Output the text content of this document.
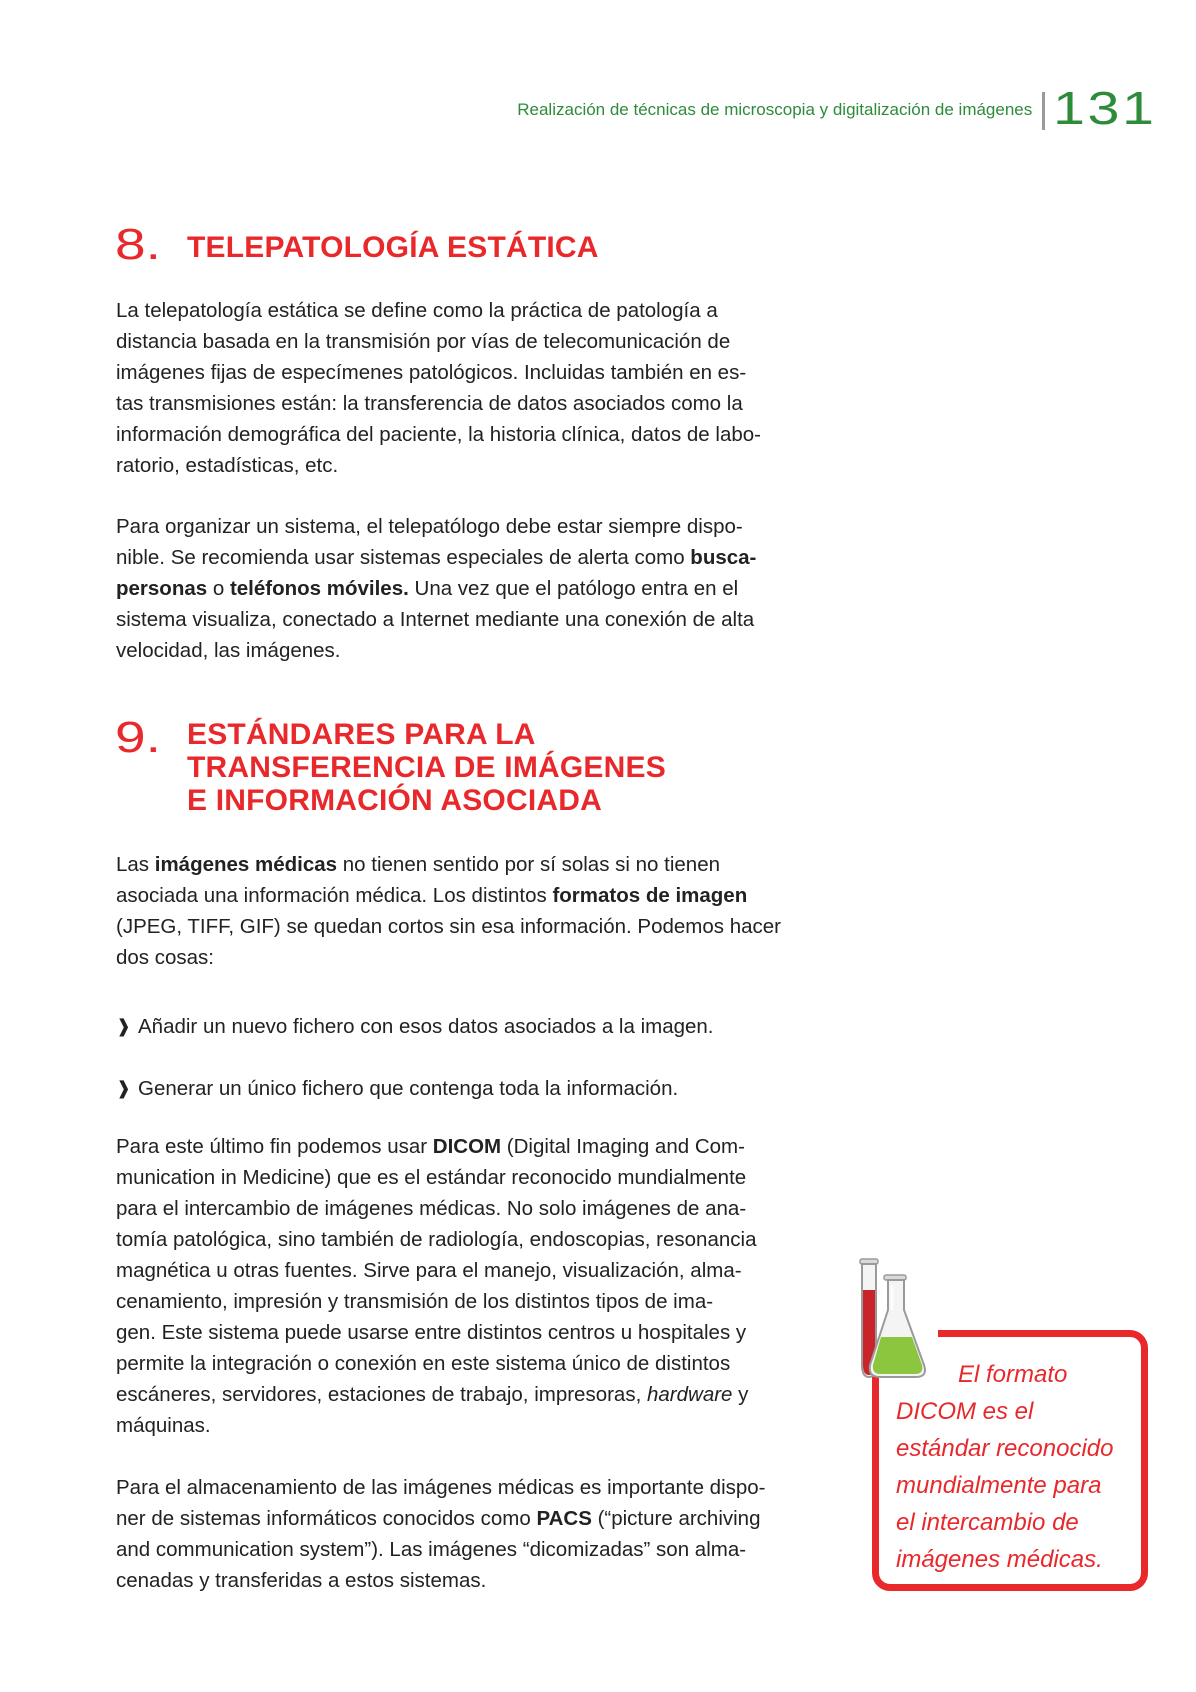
Realización de técnicas de microscopia y digitalización de imágenes 131
8. TELEPATOLOGÍA ESTÁTICA

La telepatología estática se define como la práctica de patología a

distancia basada en la transmisión por vías de telecomunicación de

imágenes fijas de especímenes patológicos. Incluidas también en es-

tas transmisiones están: la transferencia de datos asociados como la

información demográfica del paciente, la historia clínica, datos de labo-

ratorio, estadísticas, etc.

Para organizar un sistema, el telepatólogo debe estar siempre dispo-

nible. Se recomienda usar sistemas especiales de alerta como busca-

personas o teléfonos móviles. Una vez que el patólogo entra en el

sistema visualiza, conectado a Internet mediante una conexión de alta

velocidad, las imágenes.

9. ESTÁNDARES PARA LA
TRANSFERENCIA DE IMÁGENES
E INFORMACIÓN ASOCIADA

Las imágenes médicas no tienen sentido por sí solas si no tienen

asociada una información médica. Los distintos formatos de imagen

(JPEG, TIFF, GIF) se quedan cortos sin esa información. Podemos hacer

dos cosas:

❱ Añadir un nuevo fichero con esos datos asociados a la imagen.
❱ Generar un único fichero que contenga toda la información.

Para este último fin podemos usar DICOM (Digital Imaging and Com-

munication in Medicine) que es el estándar reconocido mundialmente

para el intercambio de imágenes médicas. No solo imágenes de ana-

tomía patológica, sino también de radiología, endoscopias, resonancia

magnética u otras fuentes. Sirve para el manejo, visualización, alma-

cenamiento, impresión y transmisión de los distintos tipos de ima-

gen. Este sistema puede usarse entre distintos centros u hospitales y

permite la integración o conexión en este sistema único de distintos

escáneres, servidores, estaciones de trabajo, impresoras, hardware y

máquinas.

Para el almacenamiento de las imágenes médicas es importante dispo-

ner de sistemas informáticos conocidos como PACS (“picture archiving

and communication system”). Las imágenes “dicomizadas” son alma-

cenadas y transferidas a estos sistemas.

El formato
DICOM es el
estándar reconocido
mundialmente para
el intercambio de
imágenes médicas.
